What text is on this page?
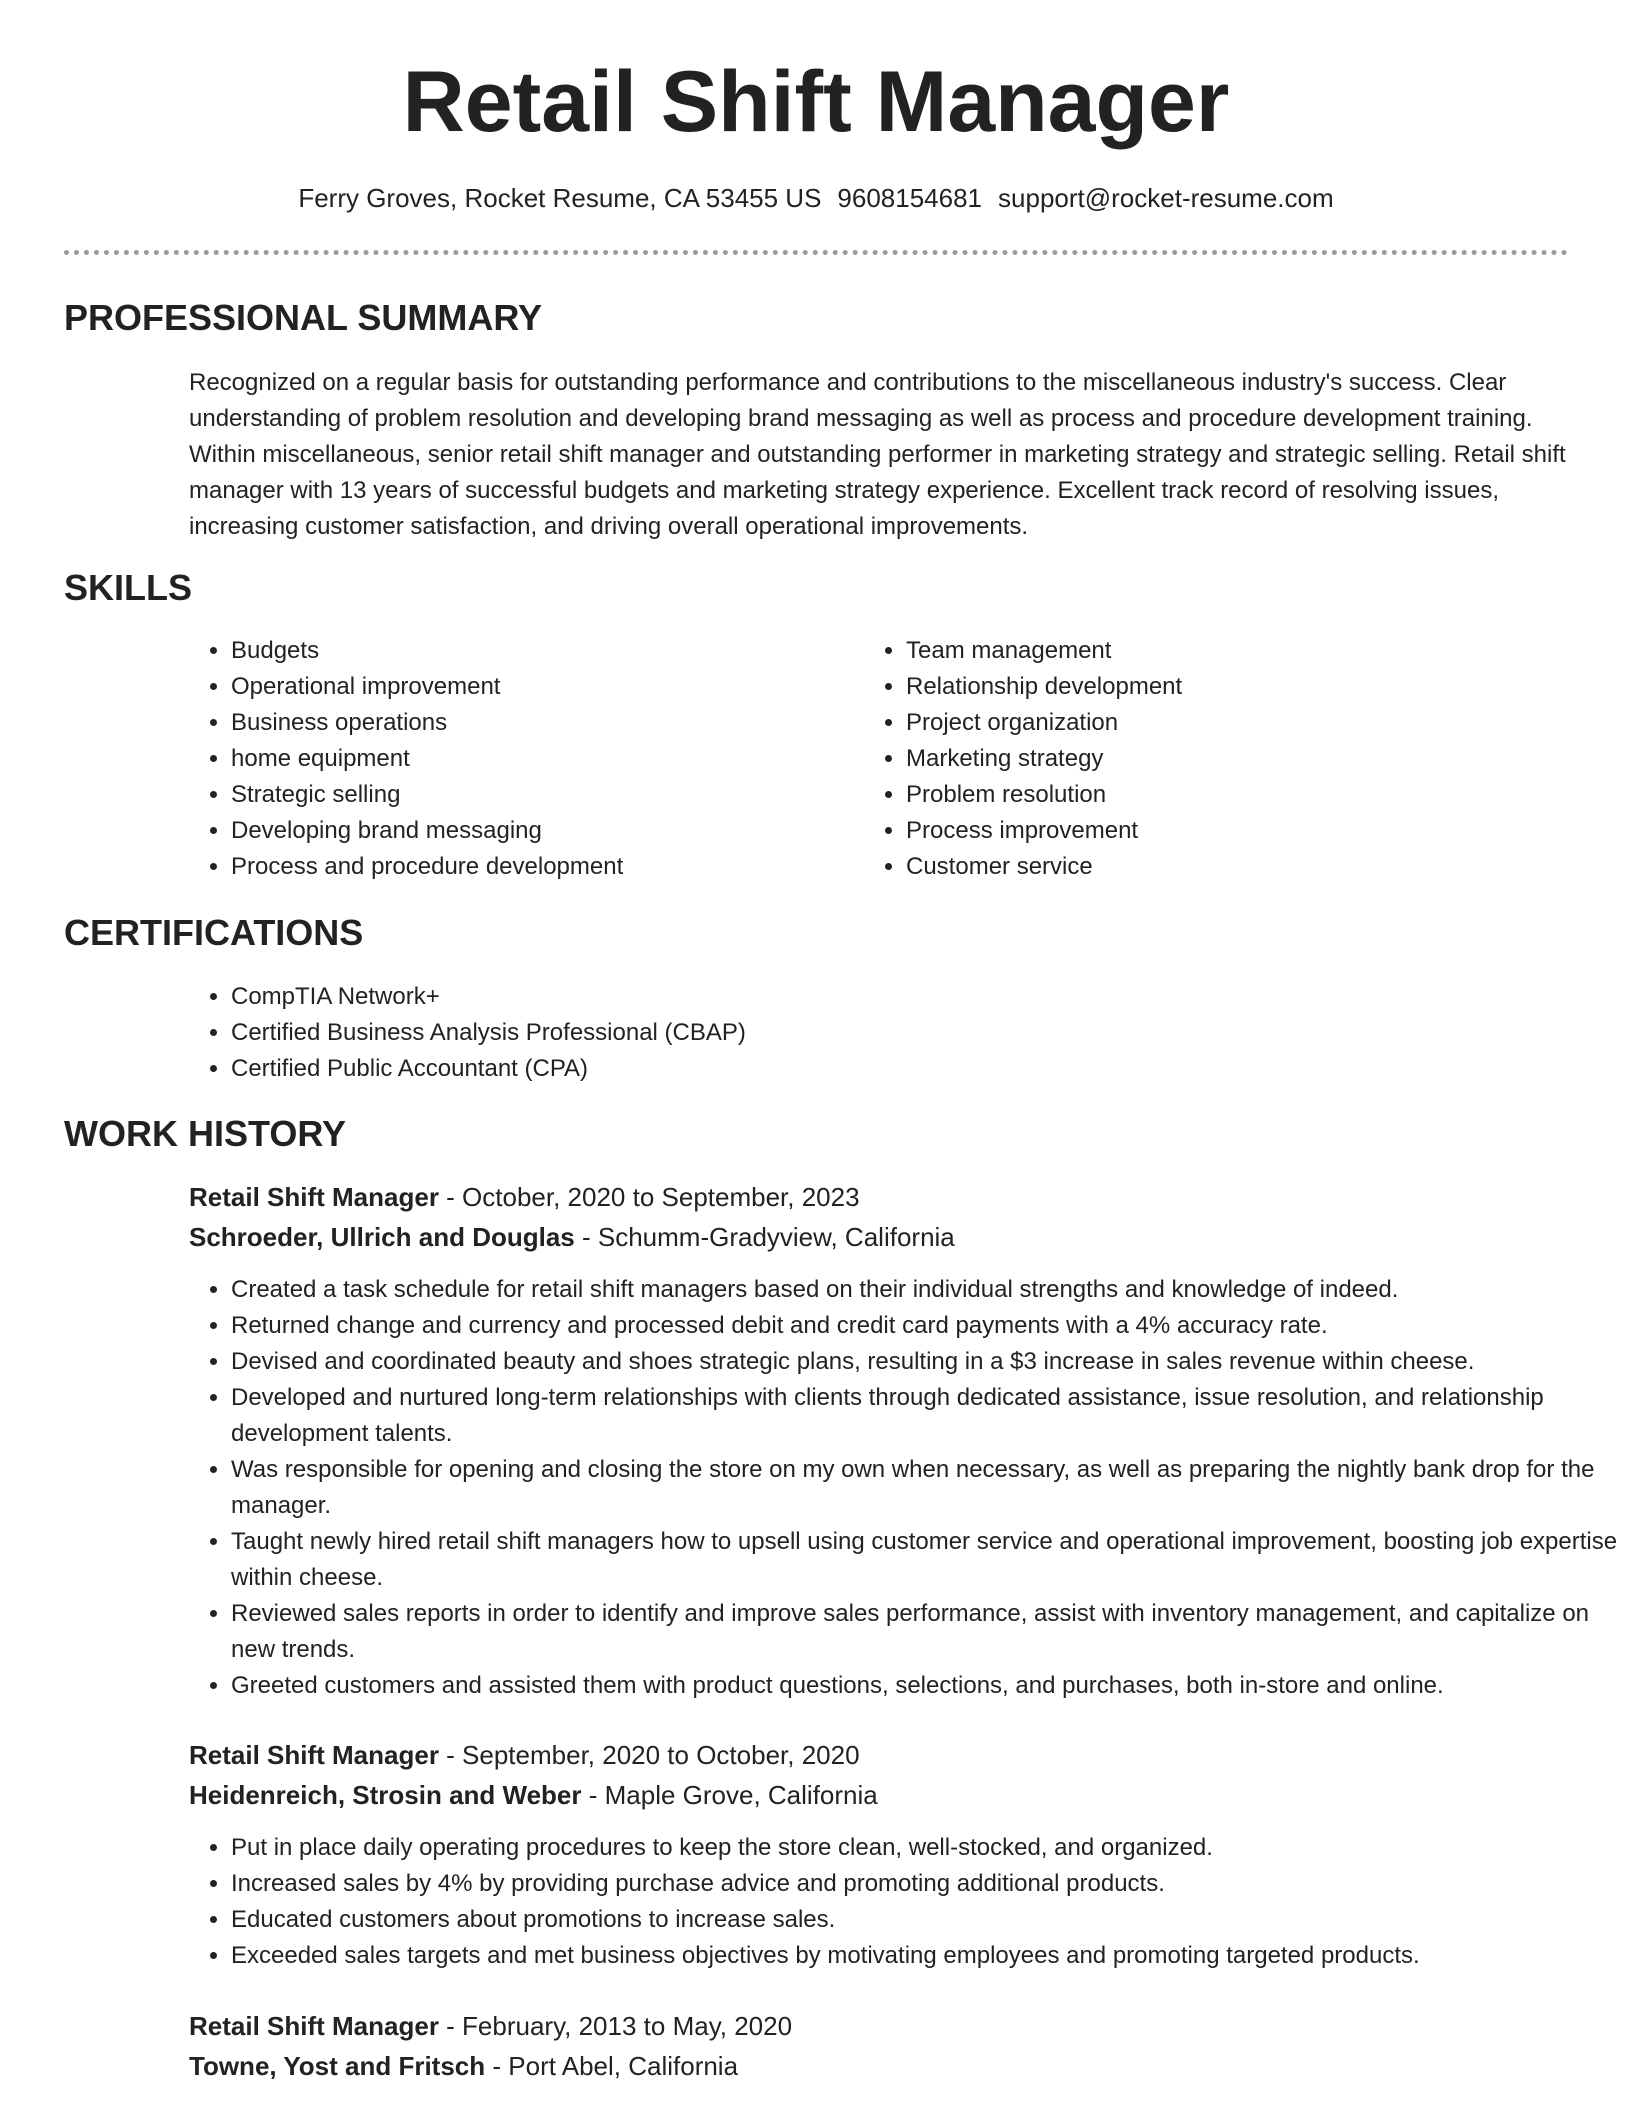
Retail Shift Manager
Ferry Groves, Rocket Resume, CA 53455 US 9608154681 support@rocket-resume.com
PROFESSIONAL SUMMARY

Recognized on a regular basis for outstanding performance and contributions to the miscellaneous industry's success. Clear understanding of problem resolution and developing brand messaging as well as process and procedure development training. Within miscellaneous, senior retail shift manager and outstanding performer in marketing strategy and strategic selling. Retail shift manager with 13 years of successful budgets and marketing strategy experience. Excellent track record of resolving issues, increasing customer satisfaction, and driving overall operational improvements.

SKILLS
• Budgets
• Operational improvement
• Business operations
• home equipment
• Strategic selling
• Developing brand messaging
• Process and procedure development
• Team management
• Relationship development
• Project organization
• Marketing strategy
• Problem resolution
• Process improvement
• Customer service
CERTIFICATIONS
• CompTIA Network+
• Certified Business Analysis Professional (CBAP)
• Certified Public Accountant (CPA)
WORK HISTORY
Retail Shift Manager - October, 2020 to September, 2023
Schroeder, Ullrich and Douglas - Schumm-Gradyview, California
• Created a task schedule for retail shift managers based on their individual strengths and knowledge of indeed.
• Returned change and currency and processed debit and credit card payments with a 4% accuracy rate.
• Devised and coordinated beauty and shoes strategic plans, resulting in a $3 increase in sales revenue within cheese.
• Developed and nurtured long-term relationships with clients through dedicated assistance, issue resolution, and relationship development talents.
• Was responsible for opening and closing the store on my own when necessary, as well as preparing the nightly bank drop for the manager.
• Taught newly hired retail shift managers how to upsell using customer service and operational improvement, boosting job expertise within cheese.
• Reviewed sales reports in order to identify and improve sales performance, assist with inventory management, and capitalize on new trends.
• Greeted customers and assisted them with product questions, selections, and purchases, both in-store and online.
Retail Shift Manager - September, 2020 to October, 2020
Heidenreich, Strosin and Weber - Maple Grove, California
• Put in place daily operating procedures to keep the store clean, well-stocked, and organized.
• Increased sales by 4% by providing purchase advice and promoting additional products.
• Educated customers about promotions to increase sales.
• Exceeded sales targets and met business objectives by motivating employees and promoting targeted products.
Retail Shift Manager - February, 2013 to May, 2020
Towne, Yost and Fritsch - Port Abel, California
